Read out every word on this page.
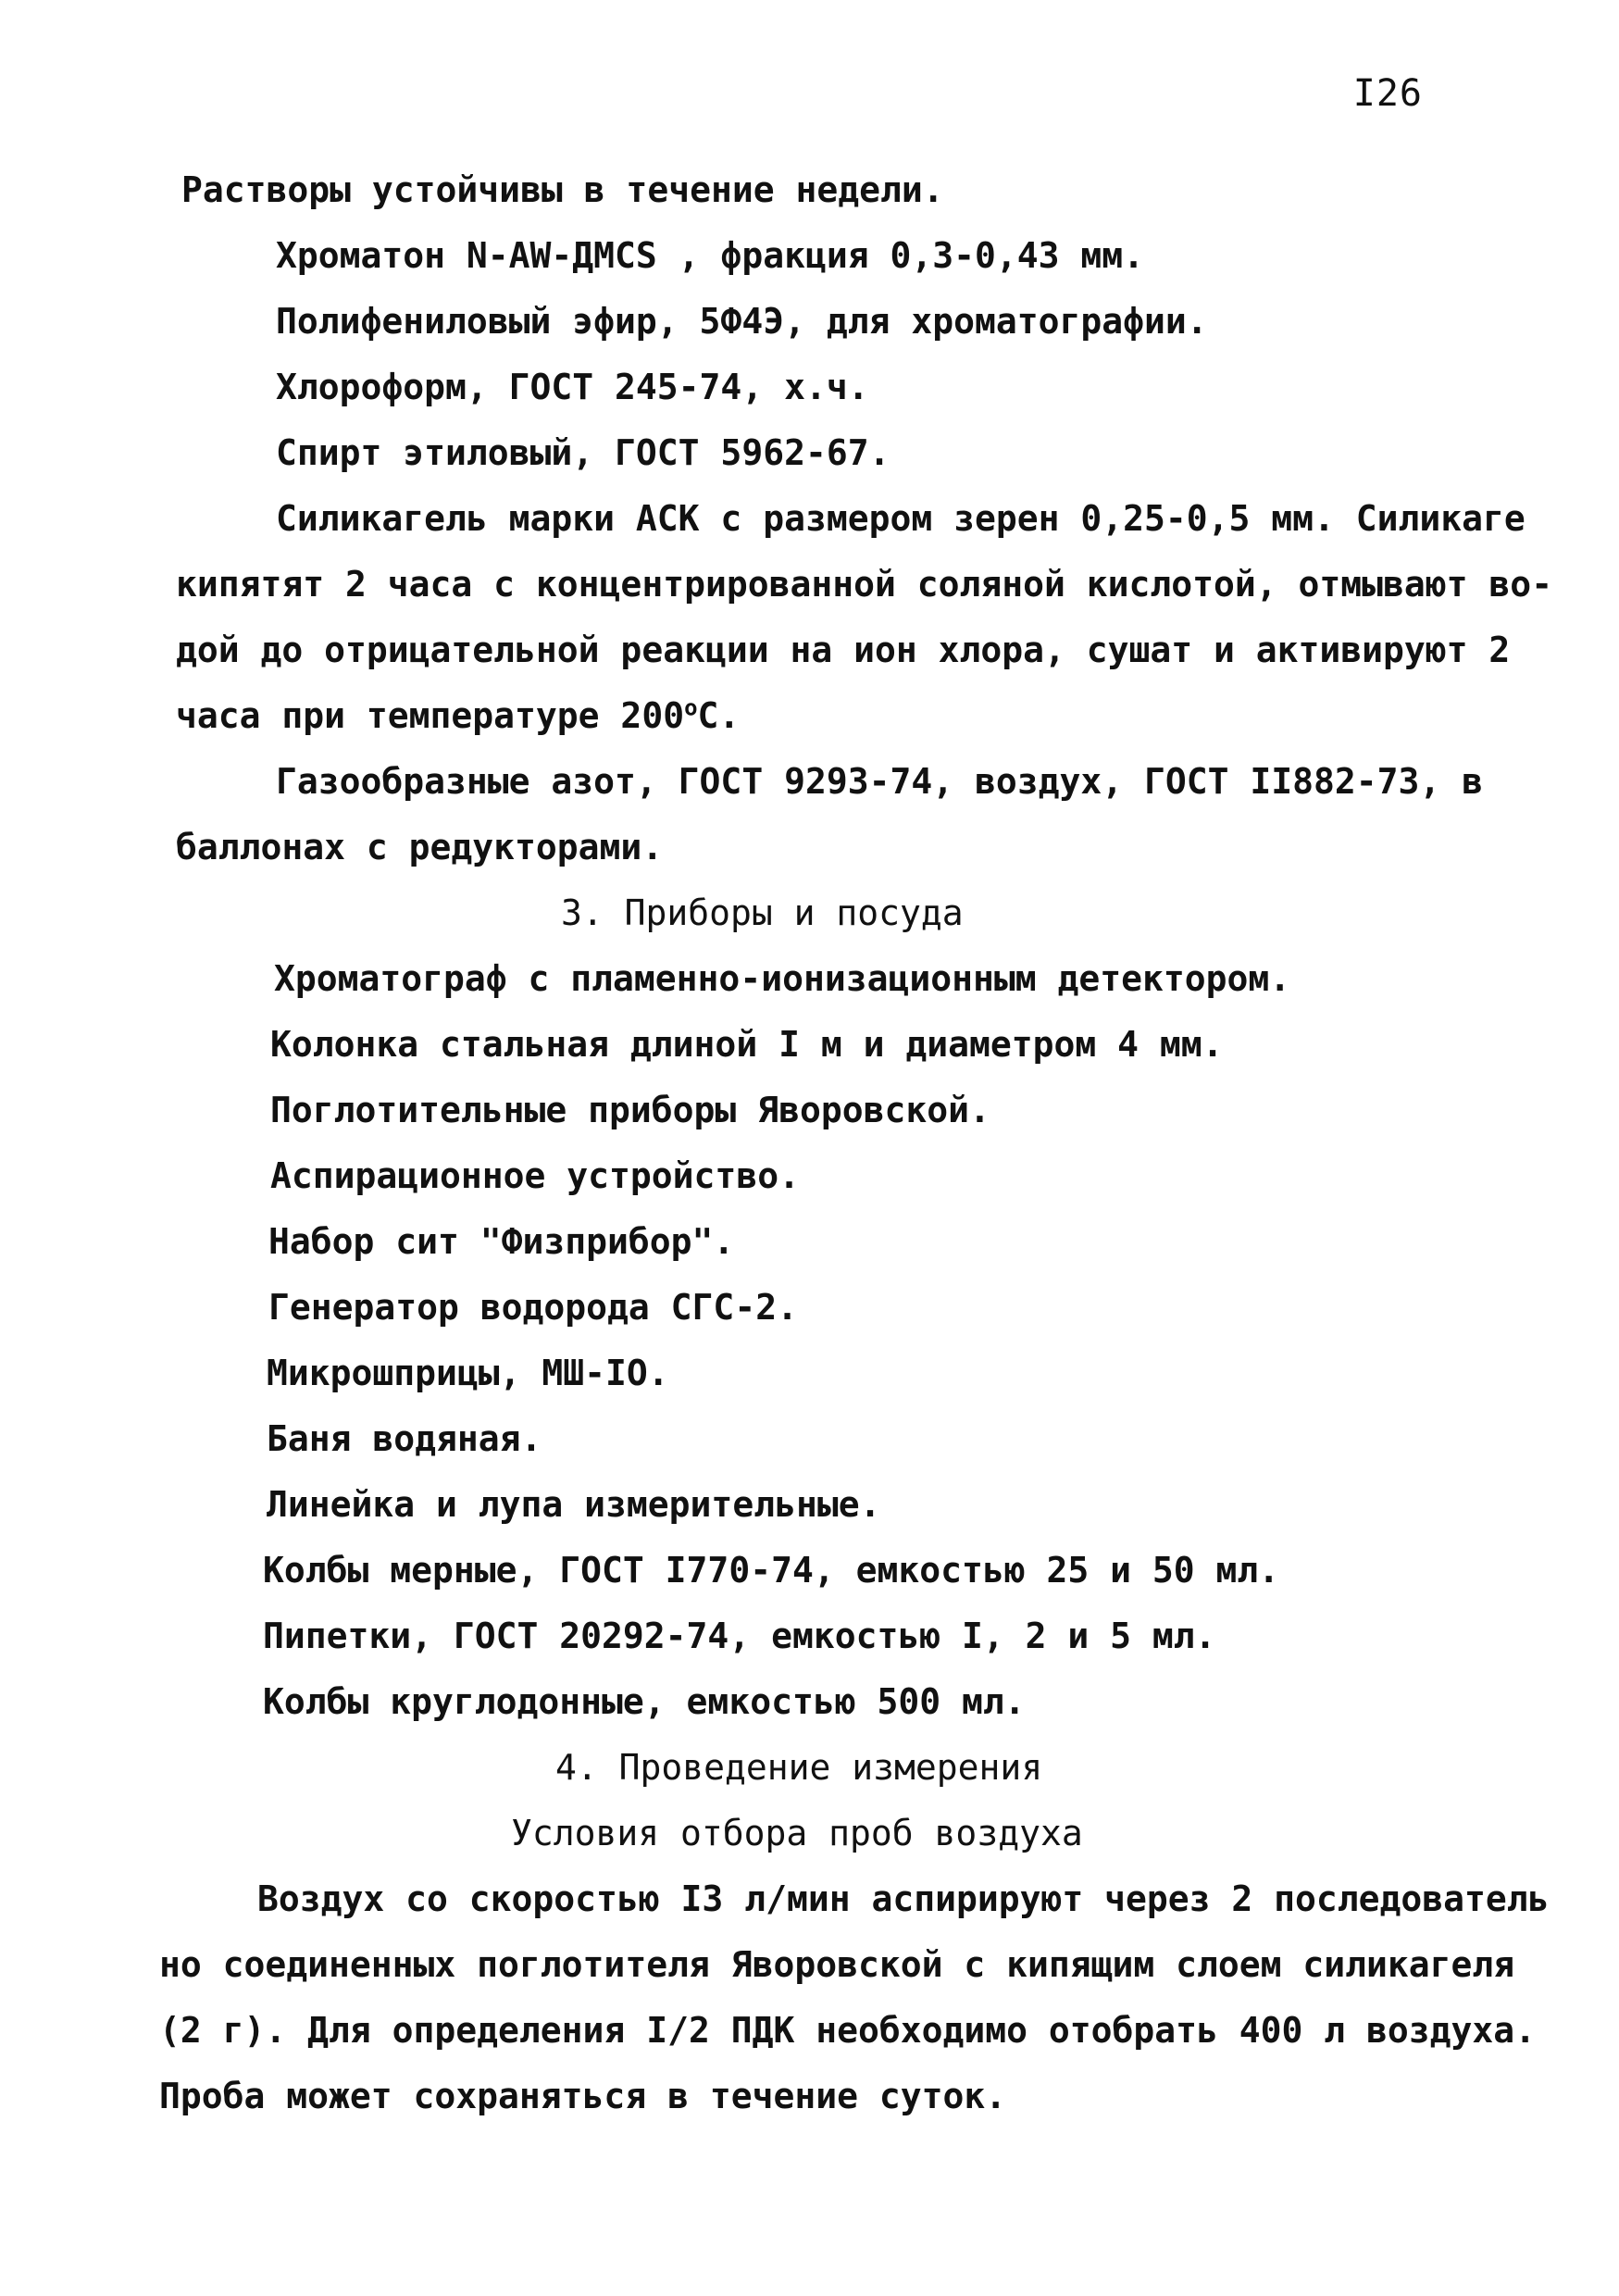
I26
Растворы устойчивы в течение недели.
Хроматон N-AW-ДМCS , фракция 0,3-0,43 мм.
Полифениловый эфир, 5Ф4Э, для хроматографии.
Хлороформ, ГОСТ 245-74, х.ч.
Спирт этиловый, ГОСТ 5962-67.
Силикагель марки АСК с размером зерен 0,25-0,5 мм. Силикаге
кипятят 2 часа с концентрированной соляной кислотой, отмывают во-
дой до отрицательной реакции на ион хлора, сушат и активируют 2
часа при температуре $200^оС$.
Газообразные азот, ГОСТ 9293-74, воздух, ГОСТ II882-73, в
баллонах с редукторами.
3. Приборы и посуда
Хроматограф с пламенно-ионизационным детектором.
Колонка стальная длиной I м и диаметром 4 мм.
Поглотительные приборы Яворовской.
Аспирационное устройство.
Набор сит "Физприбор".
Генератор водорода СГС-2.
Микрошприцы, МШ-IO.
Баня водяная.
Линейка и лупа измерительные.
Колбы мерные, ГОСТ I770-74, емкостью 25 и 50 мл.
Пипетки, ГОСТ 20292-74, емкостью I, 2 и 5 мл.
Колбы круглодонные, емкостью 500 мл.
4. Проведение измерения
Условия отбора проб воздуха
Воздух со скоростью I3 л/мин аспирируют через 2 последователь
но соединенных поглотителя Яворовской с кипящим слоем силикагеля
(2 г). Для определения I/2 ПДК необходимо отобрать 400 л воздуха.
Проба может сохраняться в течение суток.
